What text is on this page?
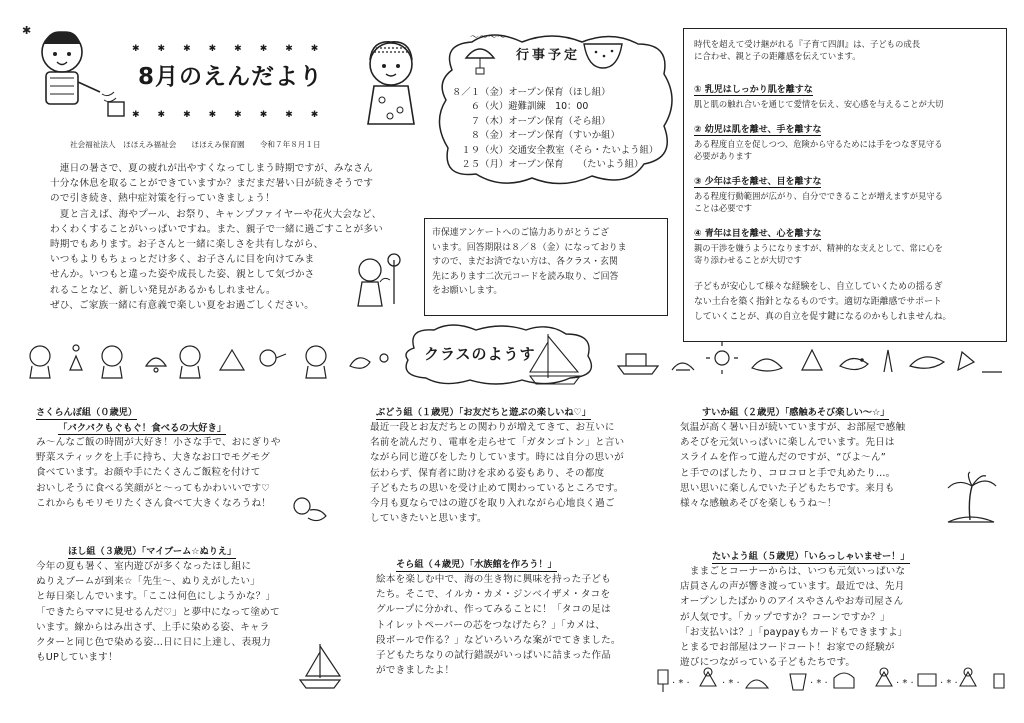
✱
8月のえんだより
✱✱✱✱✱✱✱✱
✱✱✱✱✱✱✱✱
社会福祉法人　ほほえみ福祉会　　ほほえみ保育園　　令和７年８月１日
　連日の暑さで、夏の疲れが出やすくなってしまう時期ですが、みなさん
十分な休息を取ることができていますか？まだまだ暑い日が続きそうです
ので引き続き、熱中症対策を行っていきましょう！
　夏と言えば、海やプール、お祭り、キャンプファイヤーや花火大会など、
わくわくすることがいっぱいですね。また、親子で一緒に過ごすことが多い
時期でもあります。お子さんと一緒に楽しさを共有しながら、
いつもよりもちょっとだけ多く、お子さんに目を向けてみま
せんか。いつもと違った姿や成長した姿、親として気づかさ
れることなど、新しい発見があるかもしれません。
ぜひ、ご家族一緒に有意義で楽しい夏をお過ごしください。
行事予定
〜〜〜〜
８／１（金）オープン保育（ほし組）
　　６（火）避難訓練　10：00
　　７（木）オープン保育（そら組）
　　８（金）オープン保育（すいか組）
　１９（火）交通安全教室（そら・たいよう組）
　２５（月）オープン保育　　（たいよう組）
市保連アンケートへのご協力ありがとうござ
います。回答期限は８／８（金）になっておりま
すので、まだお済でない方は、各クラス・玄関
先にあります二次元コードを読み取り、ご回答
をお願いします。
時代を超えて受け継がれる『子育て四訓』は、子どもの成長
に合わせ、親と子の距離感を伝えています。
① 乳児はしっかり肌を離すな
肌と肌の触れ合いを通じて愛情を伝え、安心感を与えることが大切
② 幼児は肌を離せ、手を離すな
ある程度自立を促しつつ、危険から守るためには手をつなぎ見守る
必要があります
③ 少年は手を離せ、目を離すな
ある程度行動範囲が広がり、自分でできることが増えますが見守る
ことは必要です
④ 青年は目を離せ、心を離すな
親の干渉を嫌うようになりますが、精神的な支えとして、常に心を
寄り添わせることが大切です
子どもが安心して様々な経験をし、自立していくための揺るぎ
ない土台を築く指針となるものです。適切な距離感でサポート
していくことが、真の自立を促す鍵になるのかもしれませんね。
クラスのようす
さくらんぼ組（０歳児）
「パクパクもぐもぐ！食べるの大好き」
み～んなご飯の時間が大好き！小さな手で、おにぎりや
野菜スティックを上手に持ち、大きなお口でモグモグ
食べています。お顔や手にたくさんご飯粒を付けて
おいしそうに食べる笑顔がと～ってもかわいいです♡
これからもモリモリたくさん食べて大きくなろうね！
ぶどう組（１歳児）「お友だちと遊ぶの楽しいね♡」
最近一段とお友だちとの関わりが増えてきて、お互いに
名前を読んだり、電車を走らせて「ガタンゴトン」と言い
ながら同じ遊びをしたりしています。時には自分の思いが
伝わらず、保育者に助けを求める姿もあり、その都度
子どもたちの思いを受け止めて関わっているところです。
今月も夏ならではの遊びを取り入れながら心地良く過ご
していきたいと思います。
すいか組（２歳児）「感触あそび楽しい～☆」
気温が高く暑い日が続いていますが、お部屋で感触
あそびを元気いっぱいに楽しんでいます。先日は
スライムを作って遊んだのですが、“びよ～ん”
と手でのばしたり、コロコロと手で丸めたり…。
思い思いに楽しんでいた子どもたちです。来月も
様々な感触あそびを楽しもうね～！
ほし組（３歳児）「マイブーム☆ぬりえ」
今年の夏も暑く、室内遊びが多くなったほし組に
ぬりえブームが到来☆「先生～、ぬりえがしたい」
と毎日楽しんでいます。「ここは何色にしようかな？」
「できたらママに見せるんだ♡」と夢中になって塗めて
います。線からはみ出さず、上手に染める姿、キャラ
クターと同じ色で染める姿…日に日に上達し、表現力
もUPしています！
そら組（４歳児）「水族館を作ろう！」
絵本を楽しむ中で、海の生き物に興味を持った子ども
たち。そこで、イルカ・カメ・ジンベイザメ・タコを
グループに分かれ、作ってみることに！「タコの足は
トイレットペーパーの芯をつなげたら？」「カメは、
段ボールで作る？」などいろいろな案がでてきました。
子どもたちなりの試行錯誤がいっぱいに詰まった作品
ができましたよ！
たいよう組（５歳児）「いらっしゃいませー！」
　ままごとコーナーからは、いつも元気いっぱいな
店員さんの声が響き渡っています。最近では、先月
オープンしたばかりのアイスやさんやお寿司屋さん
が人気です。「カップですか？コーンですか？」
「お支払いは？」「paypayもカードもできますよ」
とまるでお部屋はフードコート！お家での経験が
遊びにつながっている子どもたちです。
· * ·	· * ·	· * ·	· * ·	· * ·
